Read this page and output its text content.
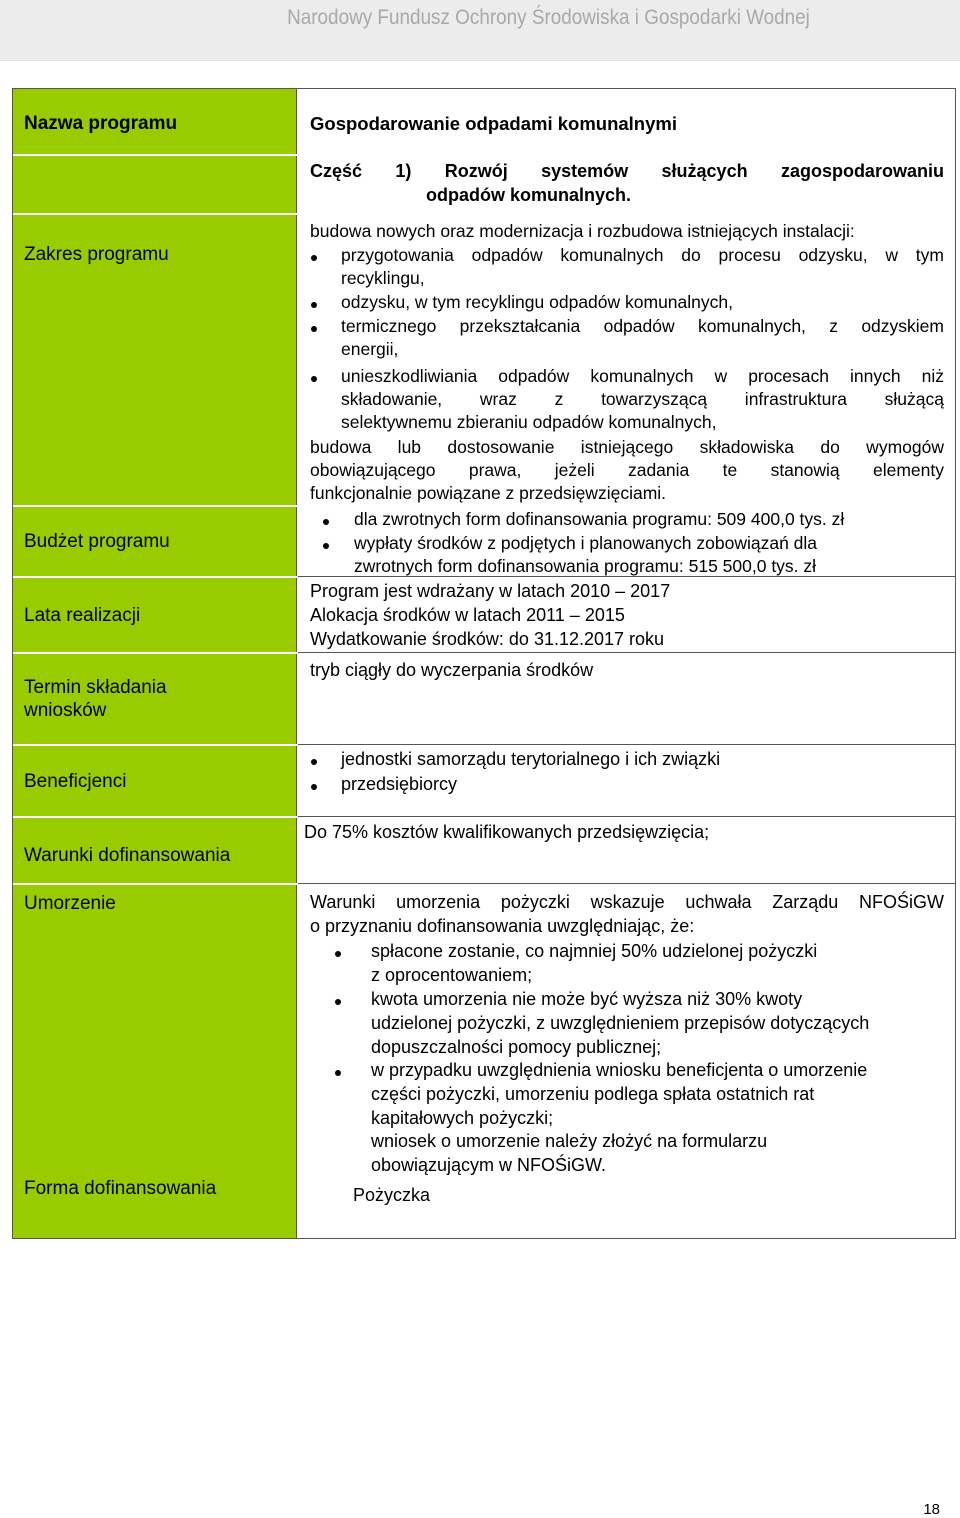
Narodowy Fundusz Ochrony Środowiska i Gospodarki Wodnej
Nazwa programu
Zakres programu
Budżet programu
Lata realizacji
Termin składania
wniosków
Beneficjenci
Warunki dofinansowania
Umorzenie
Forma dofinansowania
Gospodarowanie odpadami komunalnymi
Część 1) Rozwój systemów służących zagospodarowaniu
odpadów komunalnych.
budowa nowych oraz modernizacja i rozbudowa istniejących instalacji:
przygotowania odpadów komunalnych do procesu odzysku, w tym
recyklingu,
odzysku, w tym recyklingu odpadów komunalnych,
termicznego przekształcania odpadów komunalnych, z odzyskiem
energii,
unieszkodliwiania odpadów komunalnych w procesach innych niż
składowanie, wraz z towarzyszącą infrastruktura służącą
selektywnemu zbieraniu odpadów komunalnych,
budowa lub dostosowanie istniejącego składowiska do wymogów
obowiązującego prawa, jeżeli zadania te stanowią elementy
funkcjonalnie powiązane z przedsięwzięciami.
dla zwrotnych form dofinansowania programu: 509 400,0 tys. zł
wypłaty środków z podjętych i planowanych zobowiązań dla
zwrotnych form dofinansowania programu: 515 500,0 tys. zł
Program jest wdrażany w latach 2010 – 2017
Alokacja środków w latach 2011 – 2015
Wydatkowanie środków: do 31.12.2017 roku
tryb ciągły do wyczerpania środków
jednostki samorządu terytorialnego i ich związki
przedsiębiorcy
Do 75% kosztów kwalifikowanych przedsięwzięcia;
Warunki umorzenia pożyczki wskazuje uchwała Zarządu NFOŚiGW
o przyznaniu dofinansowania uwzględniając, że:
spłacone zostanie, co najmniej 50% udzielonej pożyczki
z oprocentowaniem;
kwota umorzenia nie może być wyższa niż 30% kwoty
udzielonej pożyczki, z uwzględnieniem przepisów dotyczących
dopuszczalności pomocy publicznej;
w przypadku uwzględnienia wniosku beneficjenta o umorzenie
części pożyczki, umorzeniu podlega spłata ostatnich rat
kapitałowych pożyczki;
wniosek o umorzenie należy złożyć na formularzu
obowiązującym w NFOŚiGW.
Pożyczka
18
